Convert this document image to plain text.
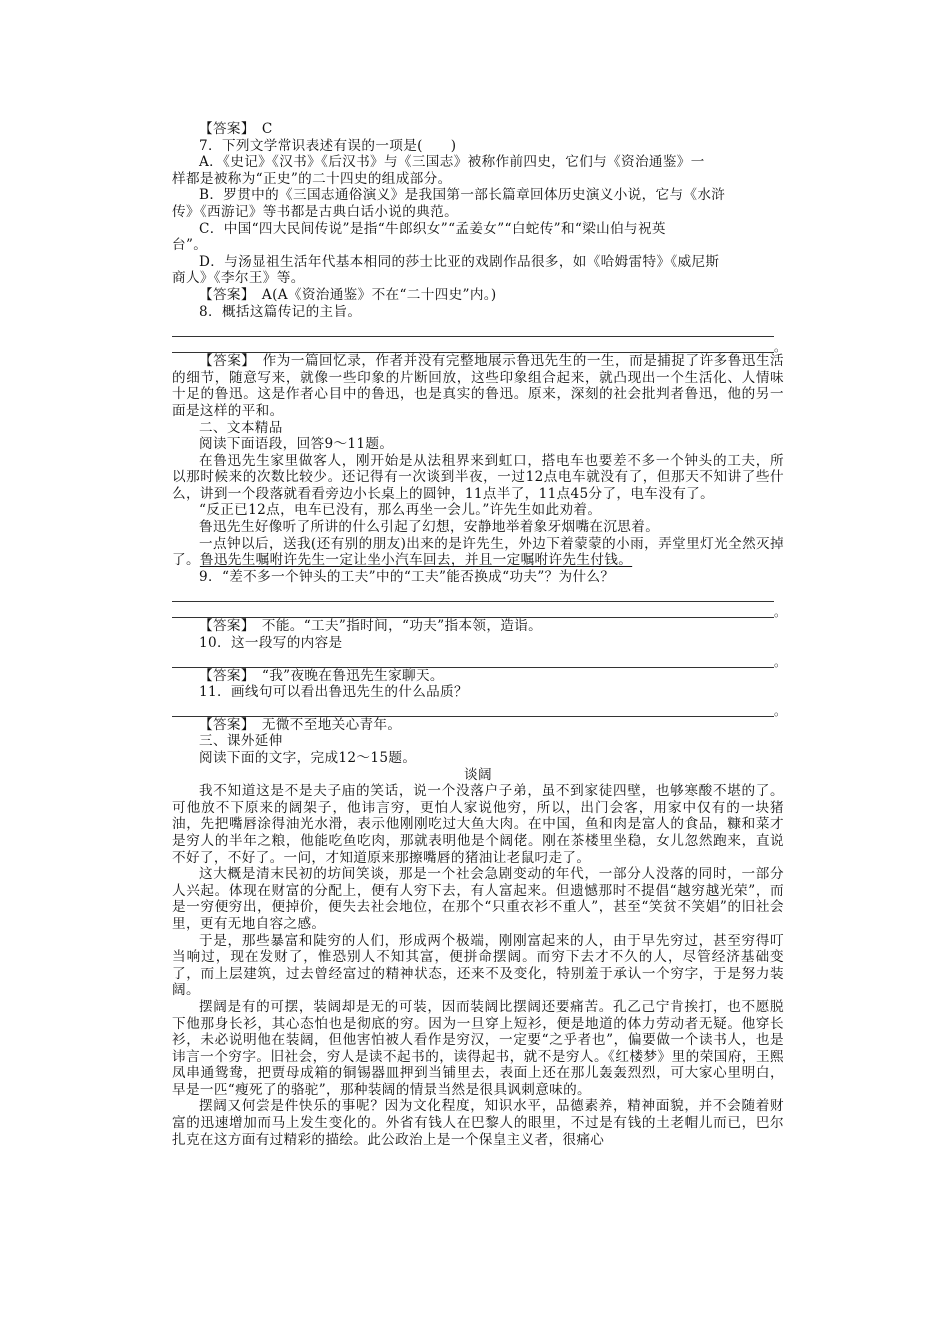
【答案】　C
7．下列文学常识表述有误的一项是(　　)
A．《史记》《汉书》《后汉书》与《三国志》被称作前四史，它们与《资治通鉴》一
样都是被称为“正史”的二十四史的组成部分。
B．罗贯中的《三国志通俗演义》是我国第一部长篇章回体历史演义小说，它与《水浒
传》《西游记》等书都是古典白话小说的典范。
C．中国“四大民间传说”是指“牛郎织女”“孟姜女”“白蛇传”和“梁山伯与祝英
台”。
D．与汤显祖生活年代基本相同的莎士比亚的戏剧作品很多，如《哈姆雷特》《威尼斯
商人》《李尔王》等。
【答案】　A(A《资治通鉴》不在“二十四史”内。)
8．概括这篇传记的主旨。
。

【答案】　作为一篇回忆录，作者并没有完整地展示鲁迅先生的一生，而是捕捉了许多鲁迅生活的细节，随意写来，就像一些印象的片断回放，这些印象组合起来，就凸现出一个生活化、人情味十足的鲁迅。这是作者心目中的鲁迅，也是真实的鲁迅。原来，深刻的社会批判者鲁迅，他的另一面是这样的平和。

二、文本精品
阅读下面语段，回答9～11题。

在鲁迅先生家里做客人，刚开始是从法租界来到虹口，搭电车也要差不多一个钟头的工夫，所以那时候来的次数比较少。还记得有一次谈到半夜，一过12点电车就没有了，但那天不知讲了些什么，讲到一个段落就看看旁边小长桌上的圆钟，11点半了，11点45分了，电车没有了。

“反正已12点，电车已没有，那么再坐一会儿。”许先生如此劝着。

鲁迅先生好像听了所讲的什么引起了幻想，安静地举着象牙烟嘴在沉思着。

一点钟以后，送我(还有别的朋友)出来的是许先生，外边下着蒙蒙的小雨，弄堂里灯光全然灭掉了。鲁迅先生嘱咐许先生一定让坐小汽车回去，并且一定嘱咐许先生付钱。

9．“差不多一个钟头的工夫”中的“工夫”能否换成“功夫”？为什么？
。
【答案】　不能。“工夫”指时间，“功夫”指本领，造诣。
10．这一段写的内容是
。
【答案】　“我”夜晚在鲁迅先生家聊天。
11．画线句可以看出鲁迅先生的什么品质？
。
【答案】　无微不至地关心青年。
三、课外延伸
阅读下面的文字，完成12～15题。
谈阔

我不知道这是不是夫子庙的笑话，说一个没落户子弟，虽不到家徒四壁，也够寒酸不堪的了。可他放不下原来的阔架子，他讳言穷，更怕人家说他穷，所以，出门会客，用家中仅有的一块猪油，先把嘴唇涂得油光水滑，表示他刚刚吃过大鱼大肉。在中国，鱼和肉是富人的食品，糠和菜才是穷人的半年之粮，他能吃鱼吃肉，那就表明他是个阔佬。刚在茶楼里坐稳，女儿忽然跑来，直说不好了，不好了。一问，才知道原来那擦嘴唇的猪油让老鼠叼走了。

这大概是清末民初的坊间笑谈，那是一个社会急剧变动的年代，一部分人没落的同时，一部分人兴起。体现在财富的分配上，便有人穷下去，有人富起来。但遗憾那时不提倡“越穷越光荣”，而是一穷便穷出，便掉价，便失去社会地位，在那个“只重衣衫不重人”，甚至“笑贫不笑娼”的旧社会里，更有无地自容之感。

于是，那些暴富和陡穷的人们，形成两个极端，刚刚富起来的人，由于早先穷过，甚至穷得叮当响过，现在发财了，惟恐别人不知其富，便拼命摆阔。而穷下去才不久的人，尽管经济基础变了，而上层建筑，过去曾经富过的精神状态，还来不及变化，特别羞于承认一个穷字，于是努力装阔。

摆阔是有的可摆，装阔却是无的可装，因而装阔比摆阔还要痛苦。孔乙己宁肯挨打，也不愿脱下他那身长衫，其心态怕也是彻底的穷。因为一旦穿上短衫，便是地道的体力劳动者无疑。他穿长衫，未必说明他在装阔，但他害怕被人看作是穷汉，一定要“之乎者也”，偏要做一个读书人，也是讳言一个穷字。旧社会，穷人是读不起书的，读得起书，就不是穷人。《红楼梦》里的荣国府，王熙凤串通鸳鸯，把贾母成箱的铜锡器皿押到当铺里去，表面上还在那儿轰轰烈烈，可大家心里明白，早是一匹“瘦死了的骆驼”，那种装阔的情景当然是很具讽刺意味的。

摆阔又何尝是件快乐的事呢？因为文化程度，知识水平，品德素养，精神面貌，并不会随着财富的迅速增加而马上发生变化的。外省有钱人在巴黎人的眼里，不过是有钱的土老帽儿而已，巴尔扎克在这方面有过精彩的描绘。此公政治上是一个保皇主义者，很痛心
